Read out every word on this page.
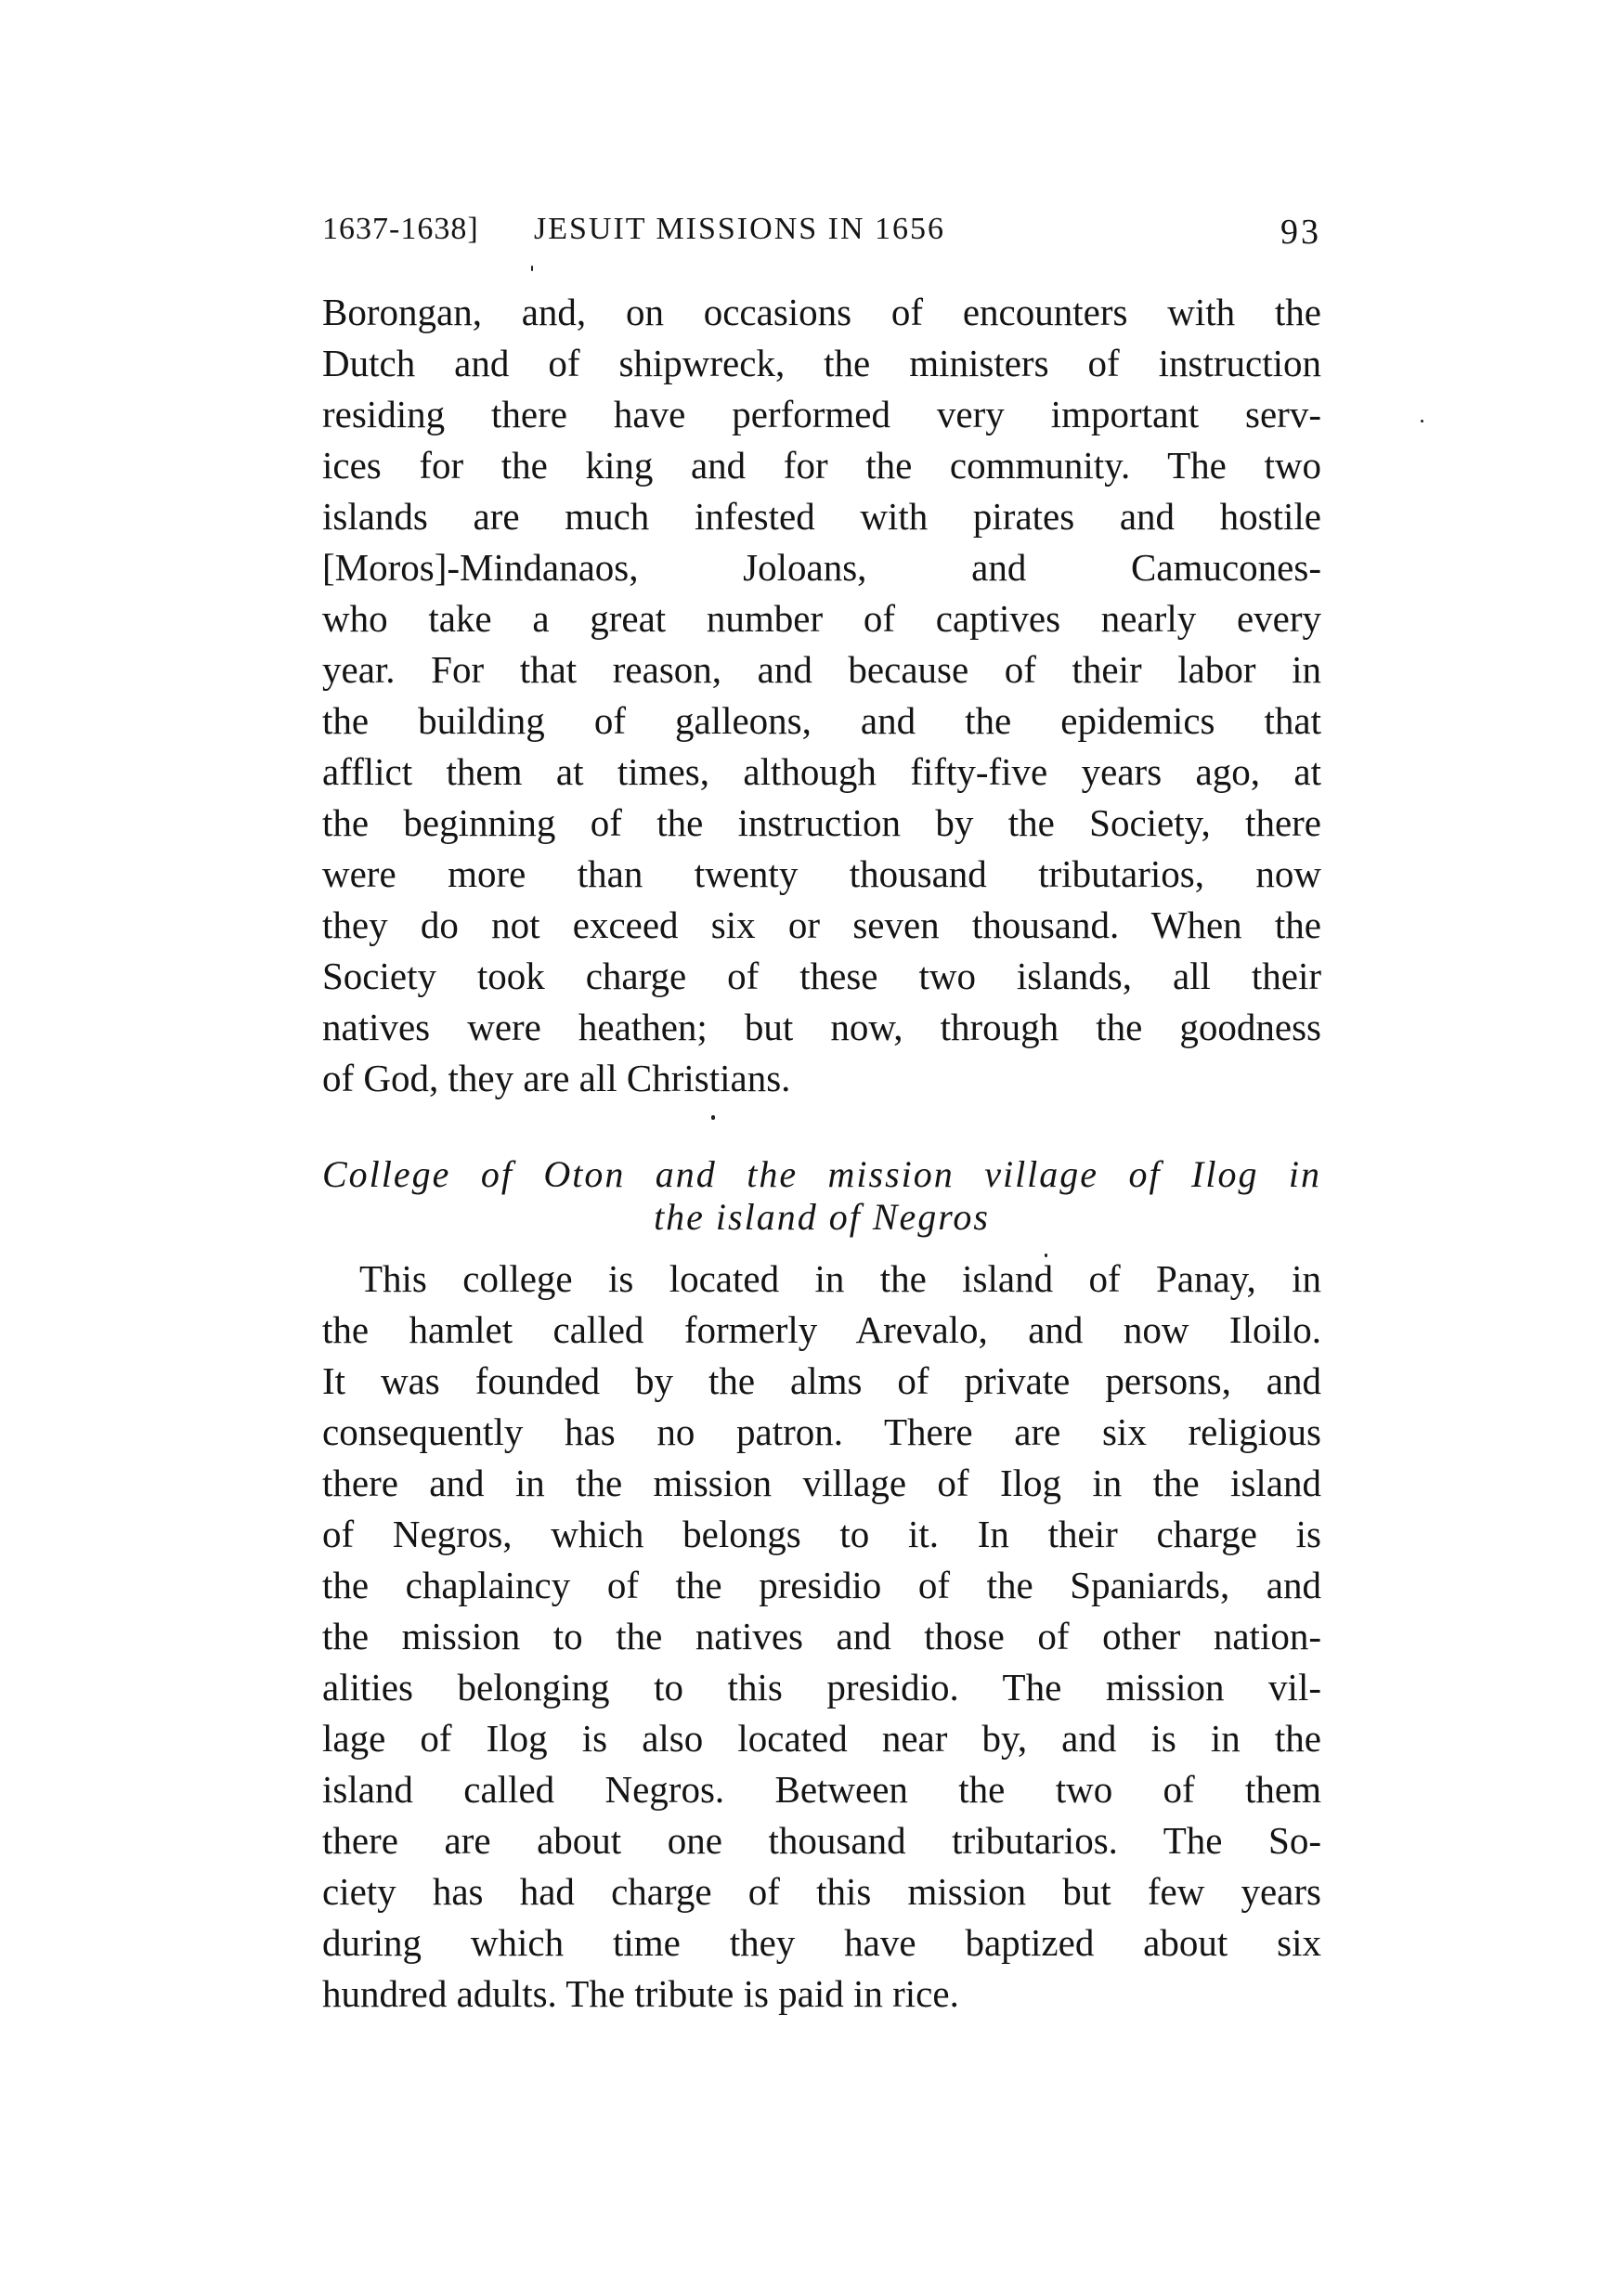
1637-1638] JESUIT MISSIONS IN 1656	93
Borongan, and, on occasions of encounters with the
Dutch and of shipwreck, the ministers of instruction
residing there have performed very important serv-
ices for the king and for the community. The two
islands are much infested with pirates and hostile
[Moros]-Mindanaos, Joloans, and Camucones-
who take a great number of captives nearly every
year. For that reason, and because of their labor in
the building of galleons, and the epidemics that
afflict them at times, although fifty-five years ago, at
the beginning of the instruction by the Society, there
were more than twenty thousand tributarios, now
they do not exceed six or seven thousand. When the
Society took charge of these two islands, all their
natives were heathen; but now, through the goodness
of God, they are all Christians.
College of Oton and the mission village of Ilog in
the island of Negros
This college is located in the island of Panay, in
the hamlet called formerly Arevalo, and now Iloilo.
It was founded by the alms of private persons, and
consequently has no patron. There are six religious
there and in the mission village of Ilog in the island
of Negros, which belongs to it. In their charge is
the chaplaincy of the presidio of the Spaniards, and
the mission to the natives and those of other nation-
alities belonging to this presidio. The mission vil-
lage of Ilog is also located near by, and is in the
island called Negros. Between the two of them
there are about one thousand tributarios. The So-
ciety has had charge of this mission but few years
during which time they have baptized about six
hundred adults. The tribute is paid in rice.
